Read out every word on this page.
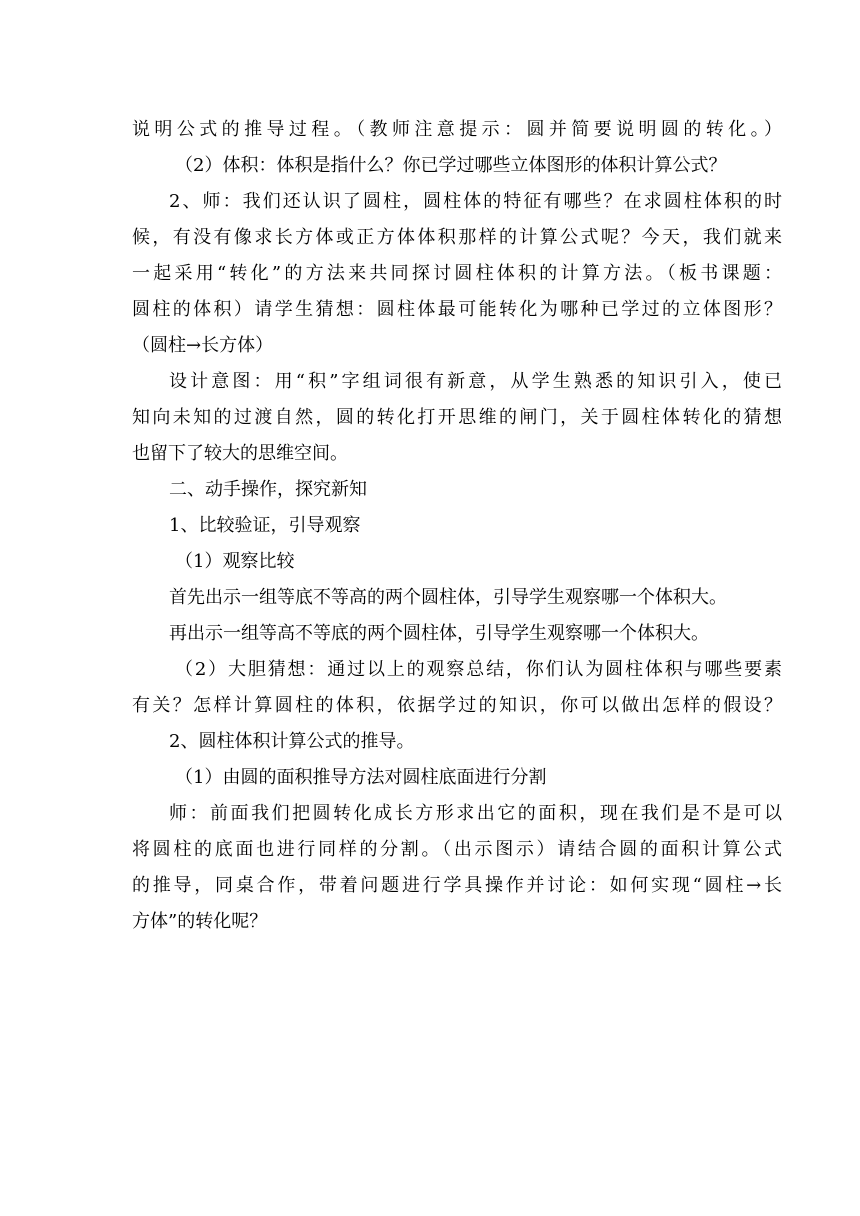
说明公式的推导过程。（教师注意提示：圆并简要说明圆的转化。）
（2）体积：体积是指什么？你已学过哪些立体图形的体积计算公式？
2、师：我们还认识了圆柱，圆柱体的特征有哪些？在求圆柱体积的时
候，有没有像求长方体或正方体体积那样的计算公式呢？今天，我们就来
一起采用“转化”的方法来共同探讨圆柱体积的计算方法。（板书课题：
圆柱的体积）请学生猜想：圆柱体最可能转化为哪种已学过的立体图形？
（圆柱→长方体）
设计意图：用“积”字组词很有新意，从学生熟悉的知识引入，使已
知向未知的过渡自然，圆的转化打开思维的闸门，关于圆柱体转化的猜想
也留下了较大的思维空间。
二、动手操作，探究新知
1、比较验证，引导观察
（1）观察比较
首先出示一组等底不等高的两个圆柱体，引导学生观察哪一个体积大。
再出示一组等高不等底的两个圆柱体，引导学生观察哪一个体积大。
（2）大胆猜想：通过以上的观察总结，你们认为圆柱体积与哪些要素
有关？怎样计算圆柱的体积，依据学过的知识，你可以做出怎样的假设？
2、圆柱体积计算公式的推导。
（1）由圆的面积推导方法对圆柱底面进行分割
师：前面我们把圆转化成长方形求出它的面积，现在我们是不是可以
将圆柱的底面也进行同样的分割。（出示图示）请结合圆的面积计算公式
的推导，同桌合作，带着问题进行学具操作并讨论：如何实现“圆柱→长
方体”的转化呢？
